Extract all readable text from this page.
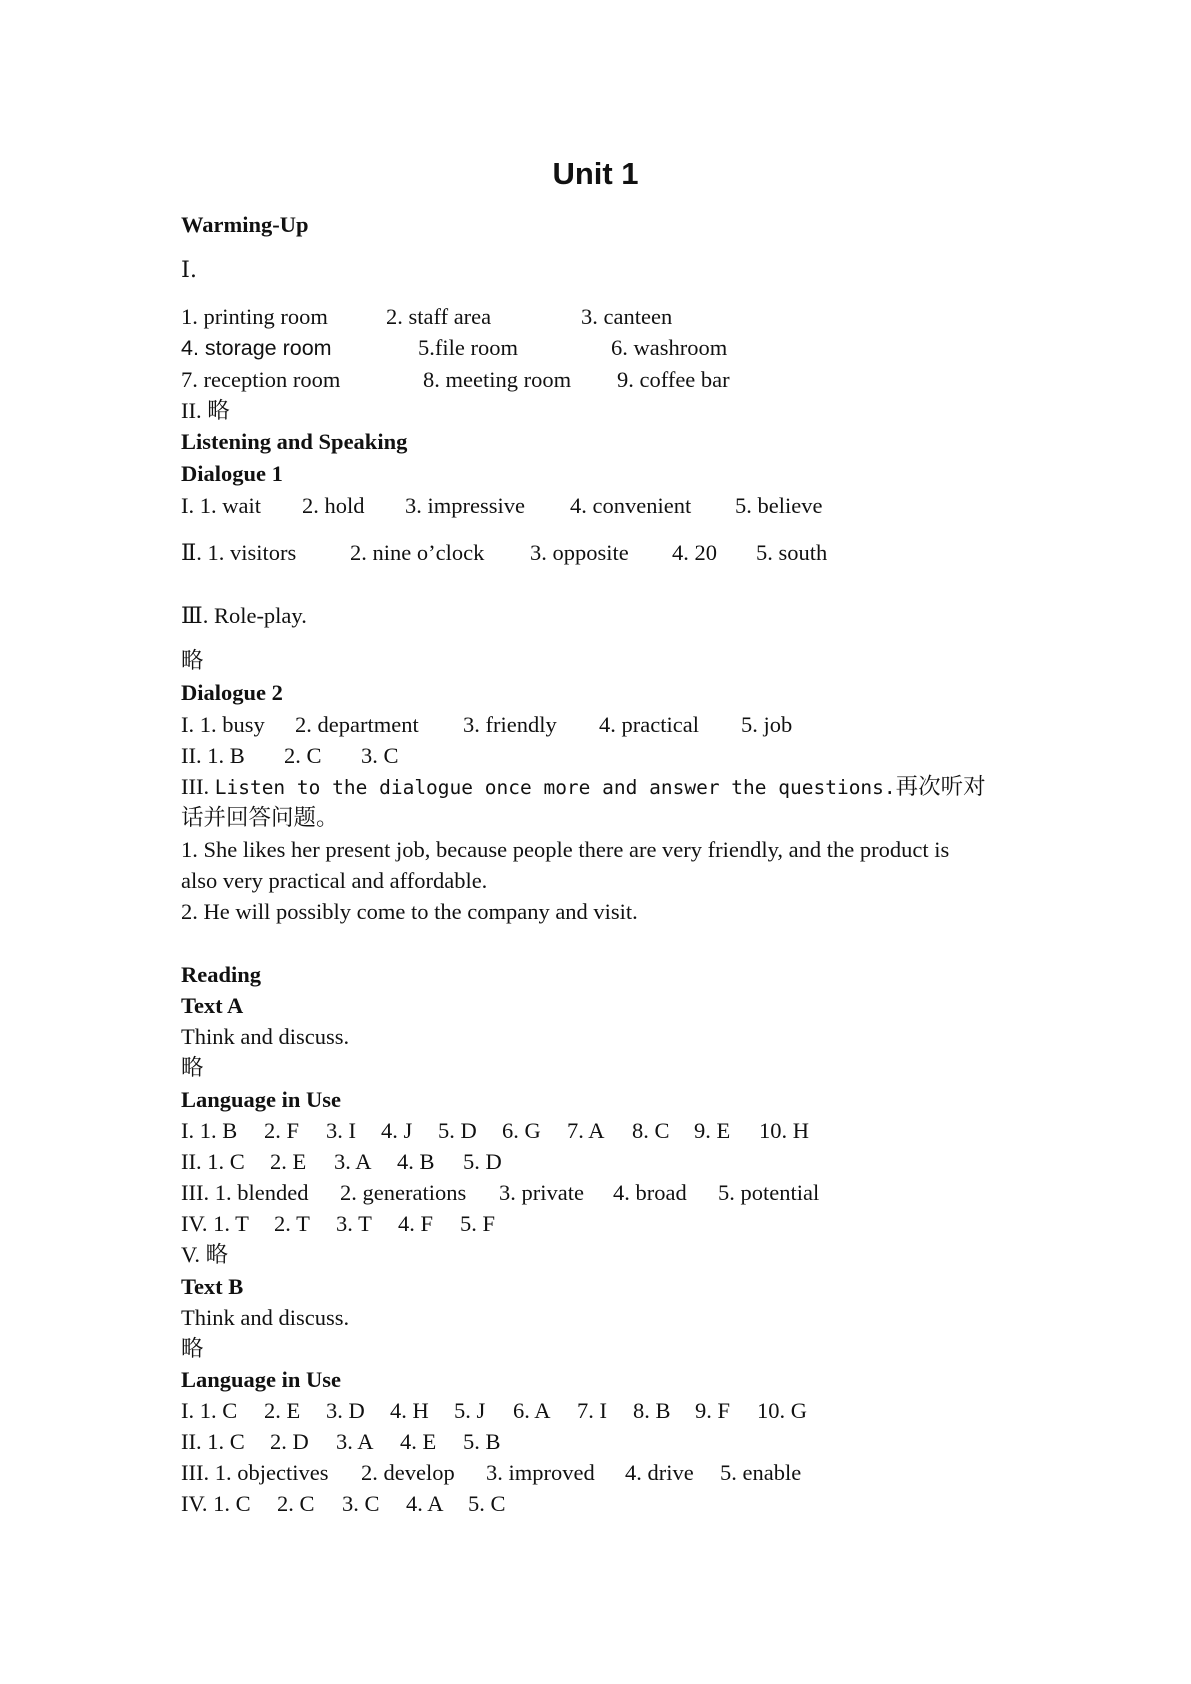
Unit 1
Warming-Up
Ⅰ.
1. printing room	2. staff area	3. canteen
4. storage room	5.file room	6. washroom
7. reception room	8. meeting room 9. coffee bar
II. 略
Listening and Speaking
Dialogue 1
I. 1. wait 2. hold 3. impressive 4. convenient 5. believe
Ⅱ. 1. visitors 2. nine o’clock 3. opposite 4. 20 5. south
Ⅲ. Role-play.
略
Dialogue 2
I. 1. busy 2. department 3. friendly 4. practical 5. job
II. 1. B 2. C 3. C
III. Listen to the dialogue once more and answer the questions.再次听对
话并回答问题。
1. She likes her present job, because people there are very friendly, and the product is
also very practical and affordable.
2. He will possibly come to the company and visit.
Reading
Text A
Think and discuss.
略
Language in Use
I. 1. B 2. F 3. I 4. J 5. D 6. G 7. A 8. C 9. E 10. H
II. 1. C 2. E 3. A 4. B 5. D
III. 1. blended 2. generations 3. private 4. broad 5. potential
IV. 1. T 2. T 3. T 4. F 5. F
V. 略
Text B
Think and discuss.
略
Language in Use
I. 1. C 2. E 3. D 4. H 5. J 6. A 7. I 8. B 9. F 10. G
II. 1. C 2. D 3. A 4. E 5. B
III. 1. objectives 2. develop 3. improved 4. drive 5. enable
IV. 1. C 2. C 3. C 4. A 5. C
